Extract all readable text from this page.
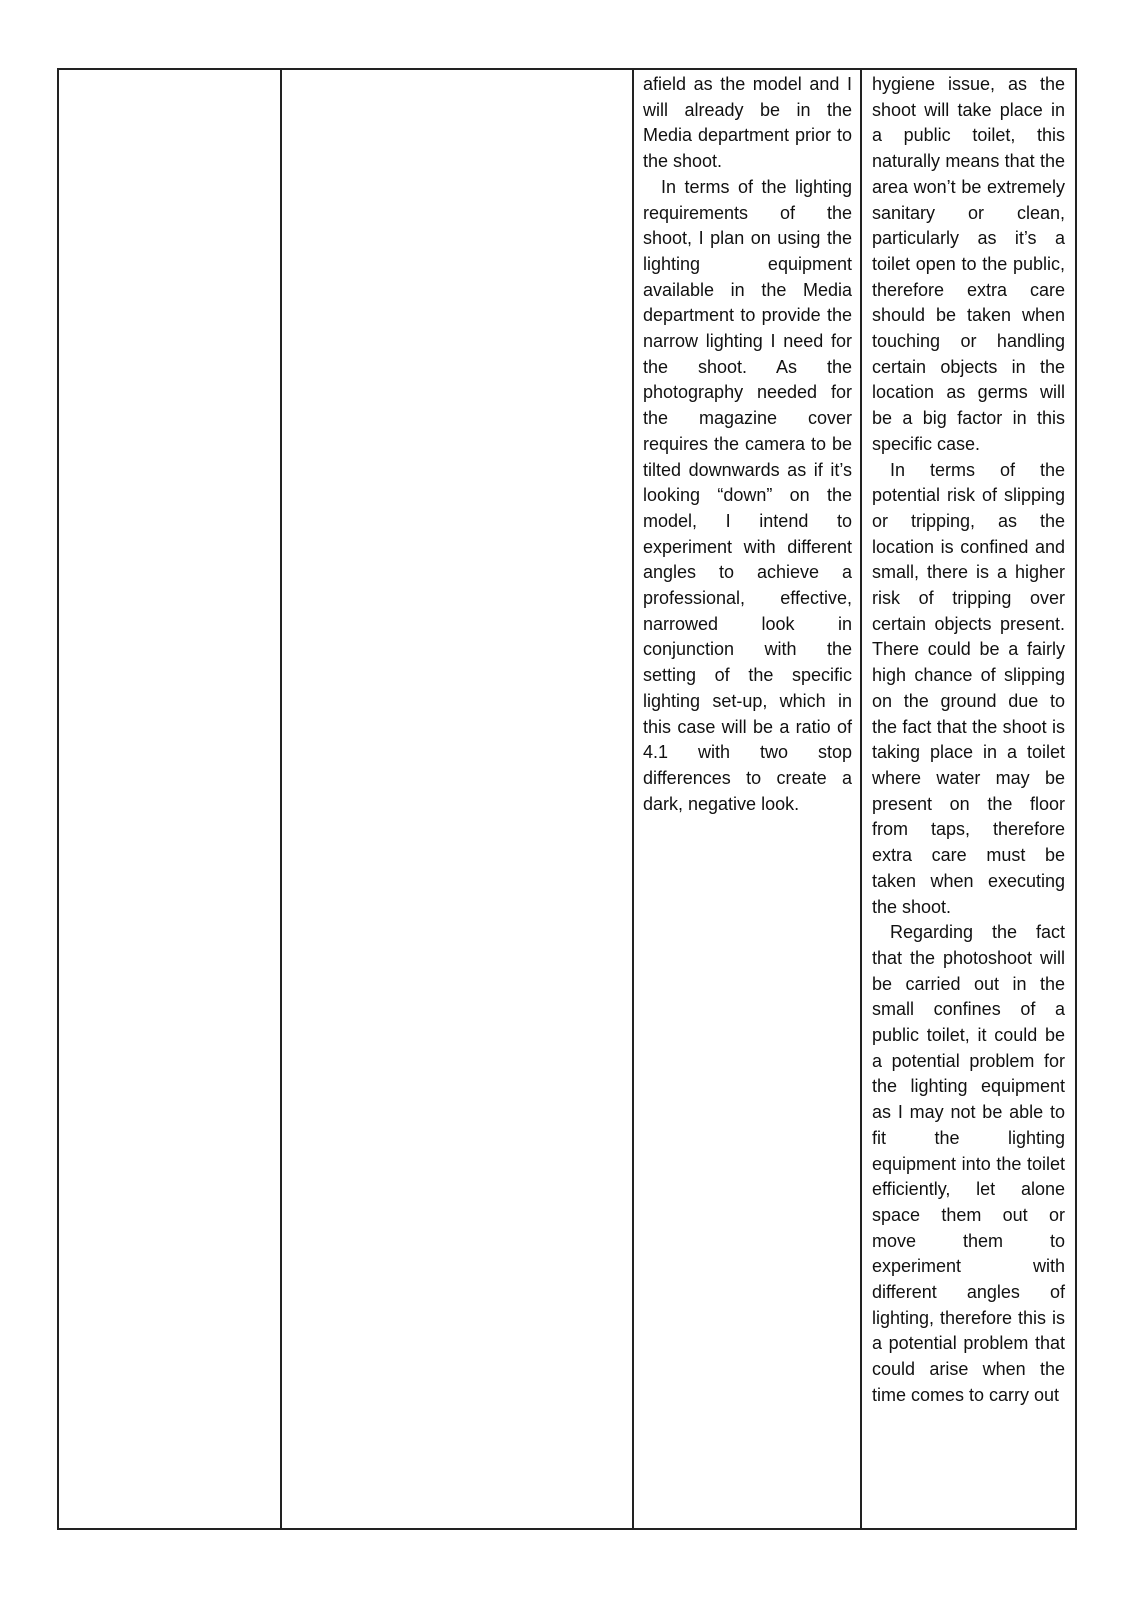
afield as the model and I will already be in the Media department prior to the shoot.

In terms of the lighting requirements of the shoot, I plan on using the lighting equipment available in the Media department to provide the narrow lighting I need for the shoot. As the photography needed for the magazine cover requires the camera to be tilted downwards as if it’s looking “down” on the model, I intend to experiment with different angles to achieve a professional, effective, narrowed look in conjunction with the setting of the specific lighting set-up, which in this case will be a ratio of 4.1 with two stop differences to create a dark, negative look.

hygiene issue, as the shoot will take place in a public toilet, this naturally means that the area won’t be extremely sanitary or clean, particularly as it’s a toilet open to the public, therefore extra care should be taken when touching or handling certain objects in the location as germs will be a big factor in this specific case.

In terms of the potential risk of slipping or tripping, as the location is confined and small, there is a higher risk of tripping over certain objects present. There could be a fairly high chance of slipping on the ground due to the fact that the shoot is taking place in a toilet where water may be present on the floor from taps, therefore extra care must be taken when executing the shoot.

Regarding the fact that the photoshoot will be carried out in the small confines of a public toilet, it could be a potential problem for the lighting equipment as I may not be able to fit the lighting equipment into the toilet efficiently, let alone space them out or move them to experiment with different angles of lighting, therefore this is a potential problem that could arise when the time comes to carry out
